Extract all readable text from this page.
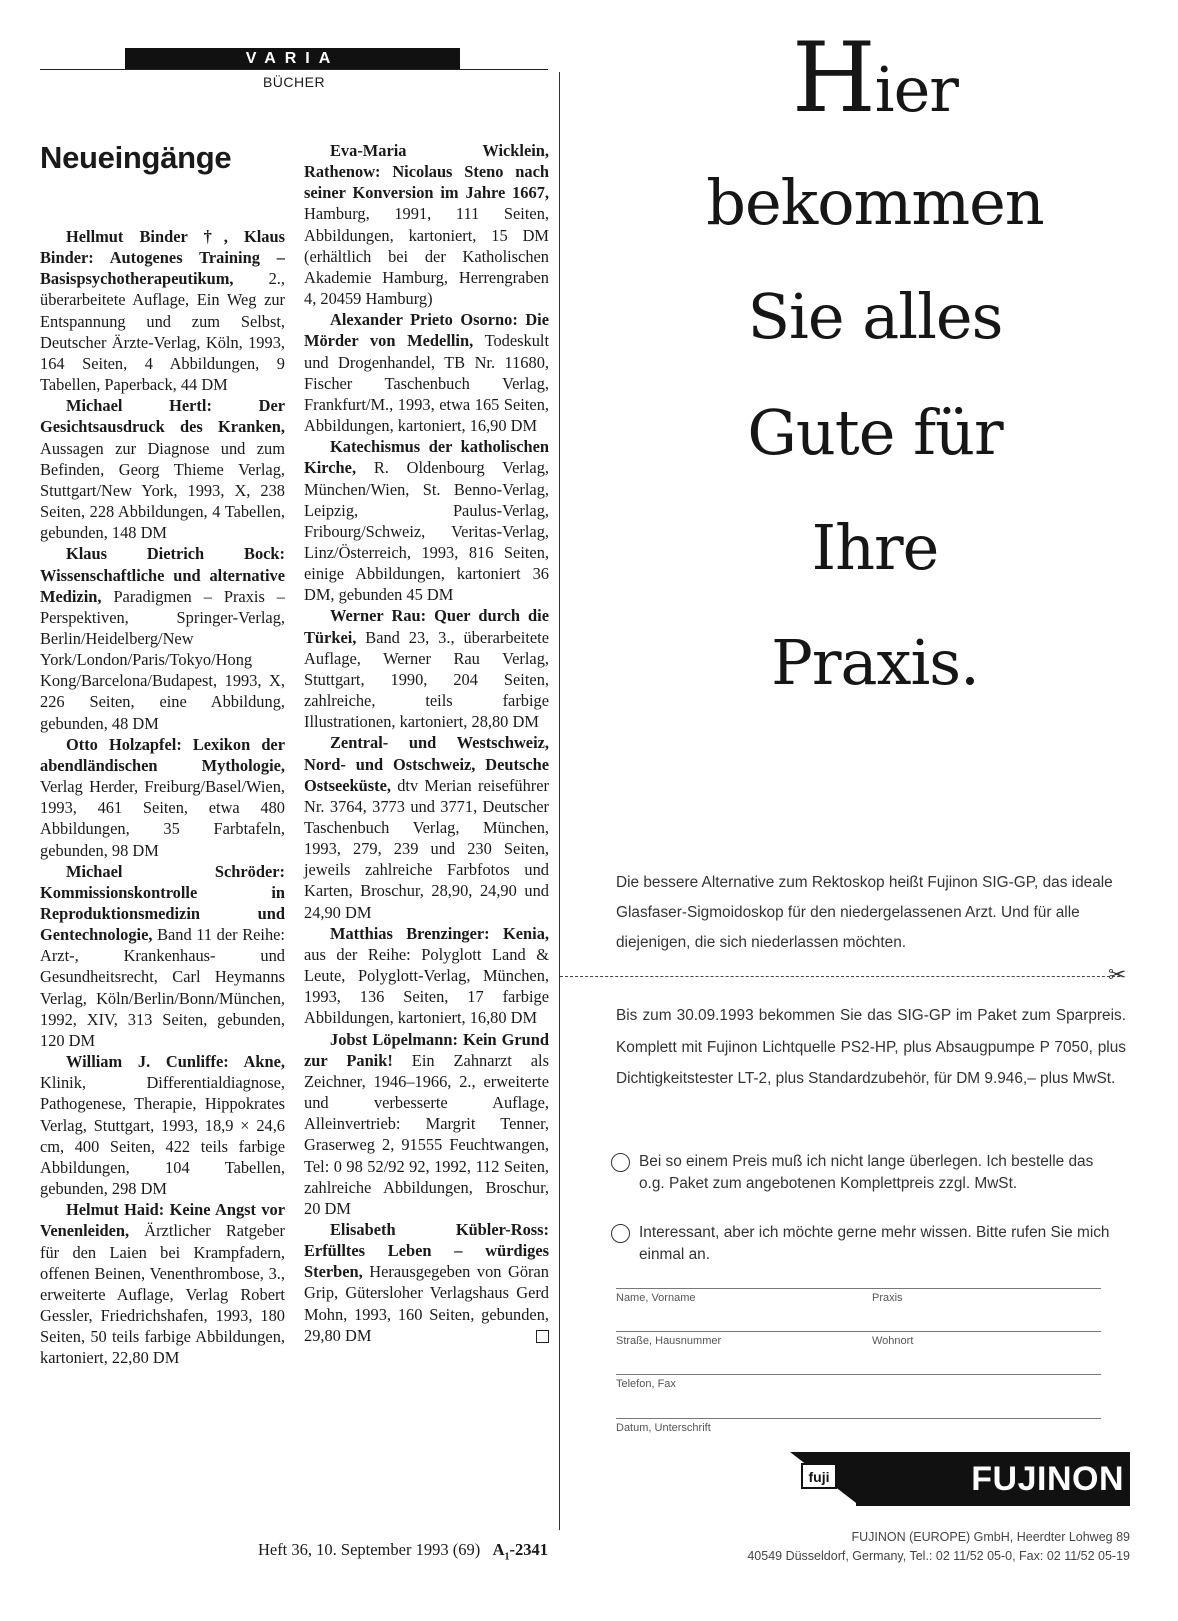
VARIA
BÜCHER
Neueingänge

Hellmut Binder †, Klaus Binder: Autogenes Training – Basispsychotherapeutikum, 2., überarbeitete Auflage, Ein Weg zur Entspannung und zum Selbst, Deutscher Ärzte-Verlag, Köln, 1993, 164 Seiten, 4 Abbildungen, 9 Tabellen, Paperback, 44 DM

Michael Hertl: Der Gesichtsausdruck des Kranken, Aussagen zur Diagnose und zum Befinden, Georg Thieme Verlag, Stuttgart/New York, 1993, X, 238 Seiten, 228 Abbildungen, 4 Tabellen, gebunden, 148 DM

Klaus Dietrich Bock: Wissenschaftliche und alternative Medizin, Paradigmen – Praxis – Perspektiven, Springer-Verlag, Berlin/Heidelberg/New York/London/Paris/Tokyo/Hong Kong/Barcelona/Budapest, 1993, X, 226 Seiten, eine Abbildung, gebunden, 48 DM

Otto Holzapfel: Lexikon der abendländischen Mythologie, Verlag Herder, Freiburg/Basel/Wien, 1993, 461 Seiten, etwa 480 Abbildungen, 35 Farbtafeln, gebunden, 98 DM

Michael Schröder: Kommissionskontrolle in Reproduktionsmedizin und Gentechnologie, Band 11 der Reihe: Arzt-, Krankenhaus- und Gesundheitsrecht, Carl Heymanns Verlag, Köln/Berlin/Bonn/München, 1992, XIV, 313 Seiten, gebunden, 120 DM

William J. Cunliffe: Akne, Klinik, Differentialdiagnose, Pathogenese, Therapie, Hippokrates Verlag, Stuttgart, 1993, 18,9 × 24,6 cm, 400 Seiten, 422 teils farbige Abbildungen, 104 Tabellen, gebunden, 298 DM

Helmut Haid: Keine Angst vor Venenleiden, Ärztlicher Ratgeber für den Laien bei Krampfadern, offenen Beinen, Venenthrombose, 3., erweiterte Auflage, Verlag Robert Gessler, Friedrichshafen, 1993, 180 Seiten, 50 teils farbige Abbildungen, kartoniert, 22,80 DM

Eva-Maria Wicklein, Rathenow: Nicolaus Steno nach seiner Konversion im Jahre 1667, Hamburg, 1991, 111 Seiten, Abbildungen, kartoniert, 15 DM (erhältlich bei der Katholischen Akademie Hamburg, Herrengraben 4, 20459 Hamburg)

Alexander Prieto Osorno: Die Mörder von Medellin, Todeskult und Drogenhandel, TB Nr. 11680, Fischer Taschenbuch Verlag, Frankfurt/M., 1993, etwa 165 Seiten, Abbildungen, kartoniert, 16,90 DM

Katechismus der katholischen Kirche, R. Oldenbourg Verlag, München/Wien, St. Benno-Verlag, Leipzig, Paulus-Verlag, Fribourg/Schweiz, Veritas-Verlag, Linz/Österreich, 1993, 816 Seiten, einige Abbildungen, kartoniert 36 DM, gebunden 45 DM

Werner Rau: Quer durch die Türkei, Band 23, 3., überarbeitete Auflage, Werner Rau Verlag, Stuttgart, 1990, 204 Seiten, zahlreiche, teils farbige Illustrationen, kartoniert, 28,80 DM

Zentral- und Westschweiz, Nord- und Ostschweiz, Deutsche Ostseeküste, dtv Merian reiseführer Nr. 3764, 3773 und 3771, Deutscher Taschenbuch Verlag, München, 1993, 279, 239 und 230 Seiten, jeweils zahlreiche Farbfotos und Karten, Broschur, 28,90, 24,90 und 24,90 DM

Matthias Brenzinger: Kenia, aus der Reihe: Polyglott Land & Leute, Polyglott-Verlag, München, 1993, 136 Seiten, 17 farbige Abbildungen, kartoniert, 16,80 DM

Jobst Löpelmann: Kein Grund zur Panik! Ein Zahnarzt als Zeichner, 1946–1966, 2., erweiterte und verbesserte Auflage, Alleinvertrieb: Margrit Tenner, Graserweg 2, 91555 Feuchtwangen, Tel: 0 98 52/92 92, 1992, 112 Seiten, zahlreiche Abbildungen, Broschur, 20 DM

Elisabeth Kübler-Ross: Erfülltes Leben – würdiges Sterben, Herausgegeben von Göran Grip, Gütersloher Verlagshaus Gerd Mohn, 1993, 160 Seiten, gebunden, 29,80 DM

Heft 36, 10. September 1993 (69) $A_1-2341$
Hier
bekommen
Sie alles
Gute für
Ihre
Praxis.
Die bessere Alternative zum Rektoskop heißt Fujinon SIG-GP, das ideale Glasfaser-Sigmoidoskop für den niedergelassenen Arzt. Und für alle diejenigen, die sich niederlassen möchten.
✂
Bis zum 30.09.1993 bekommen Sie das SIG-GP im Paket zum Sparpreis. Komplett mit Fujinon Lichtquelle PS2-HP, plus Absaugpumpe P 7050, plus Dichtigkeitstester LT-2, plus Standardzubehör, für DM 9.946,– plus MwSt.
Bei so einem Preis muß ich nicht lange überlegen. Ich bestelle das o.g. Paket zum angebotenen Komplettpreis zzgl. MwSt.
Interessant, aber ich möchte gerne mehr wissen. Bitte rufen Sie mich einmal an.
Name, Vorname	Praxis
Straße, Hausnummer	Wohnort
Telefon, Fax
Datum, Unterschrift
fuji	FUJINON
FUJINON (EUROPE) GmbH, Heerdter Lohweg 89
40549 Düsseldorf, Germany, Tel.: 02 11/52 05-0, Fax: 02 11/52 05-19
